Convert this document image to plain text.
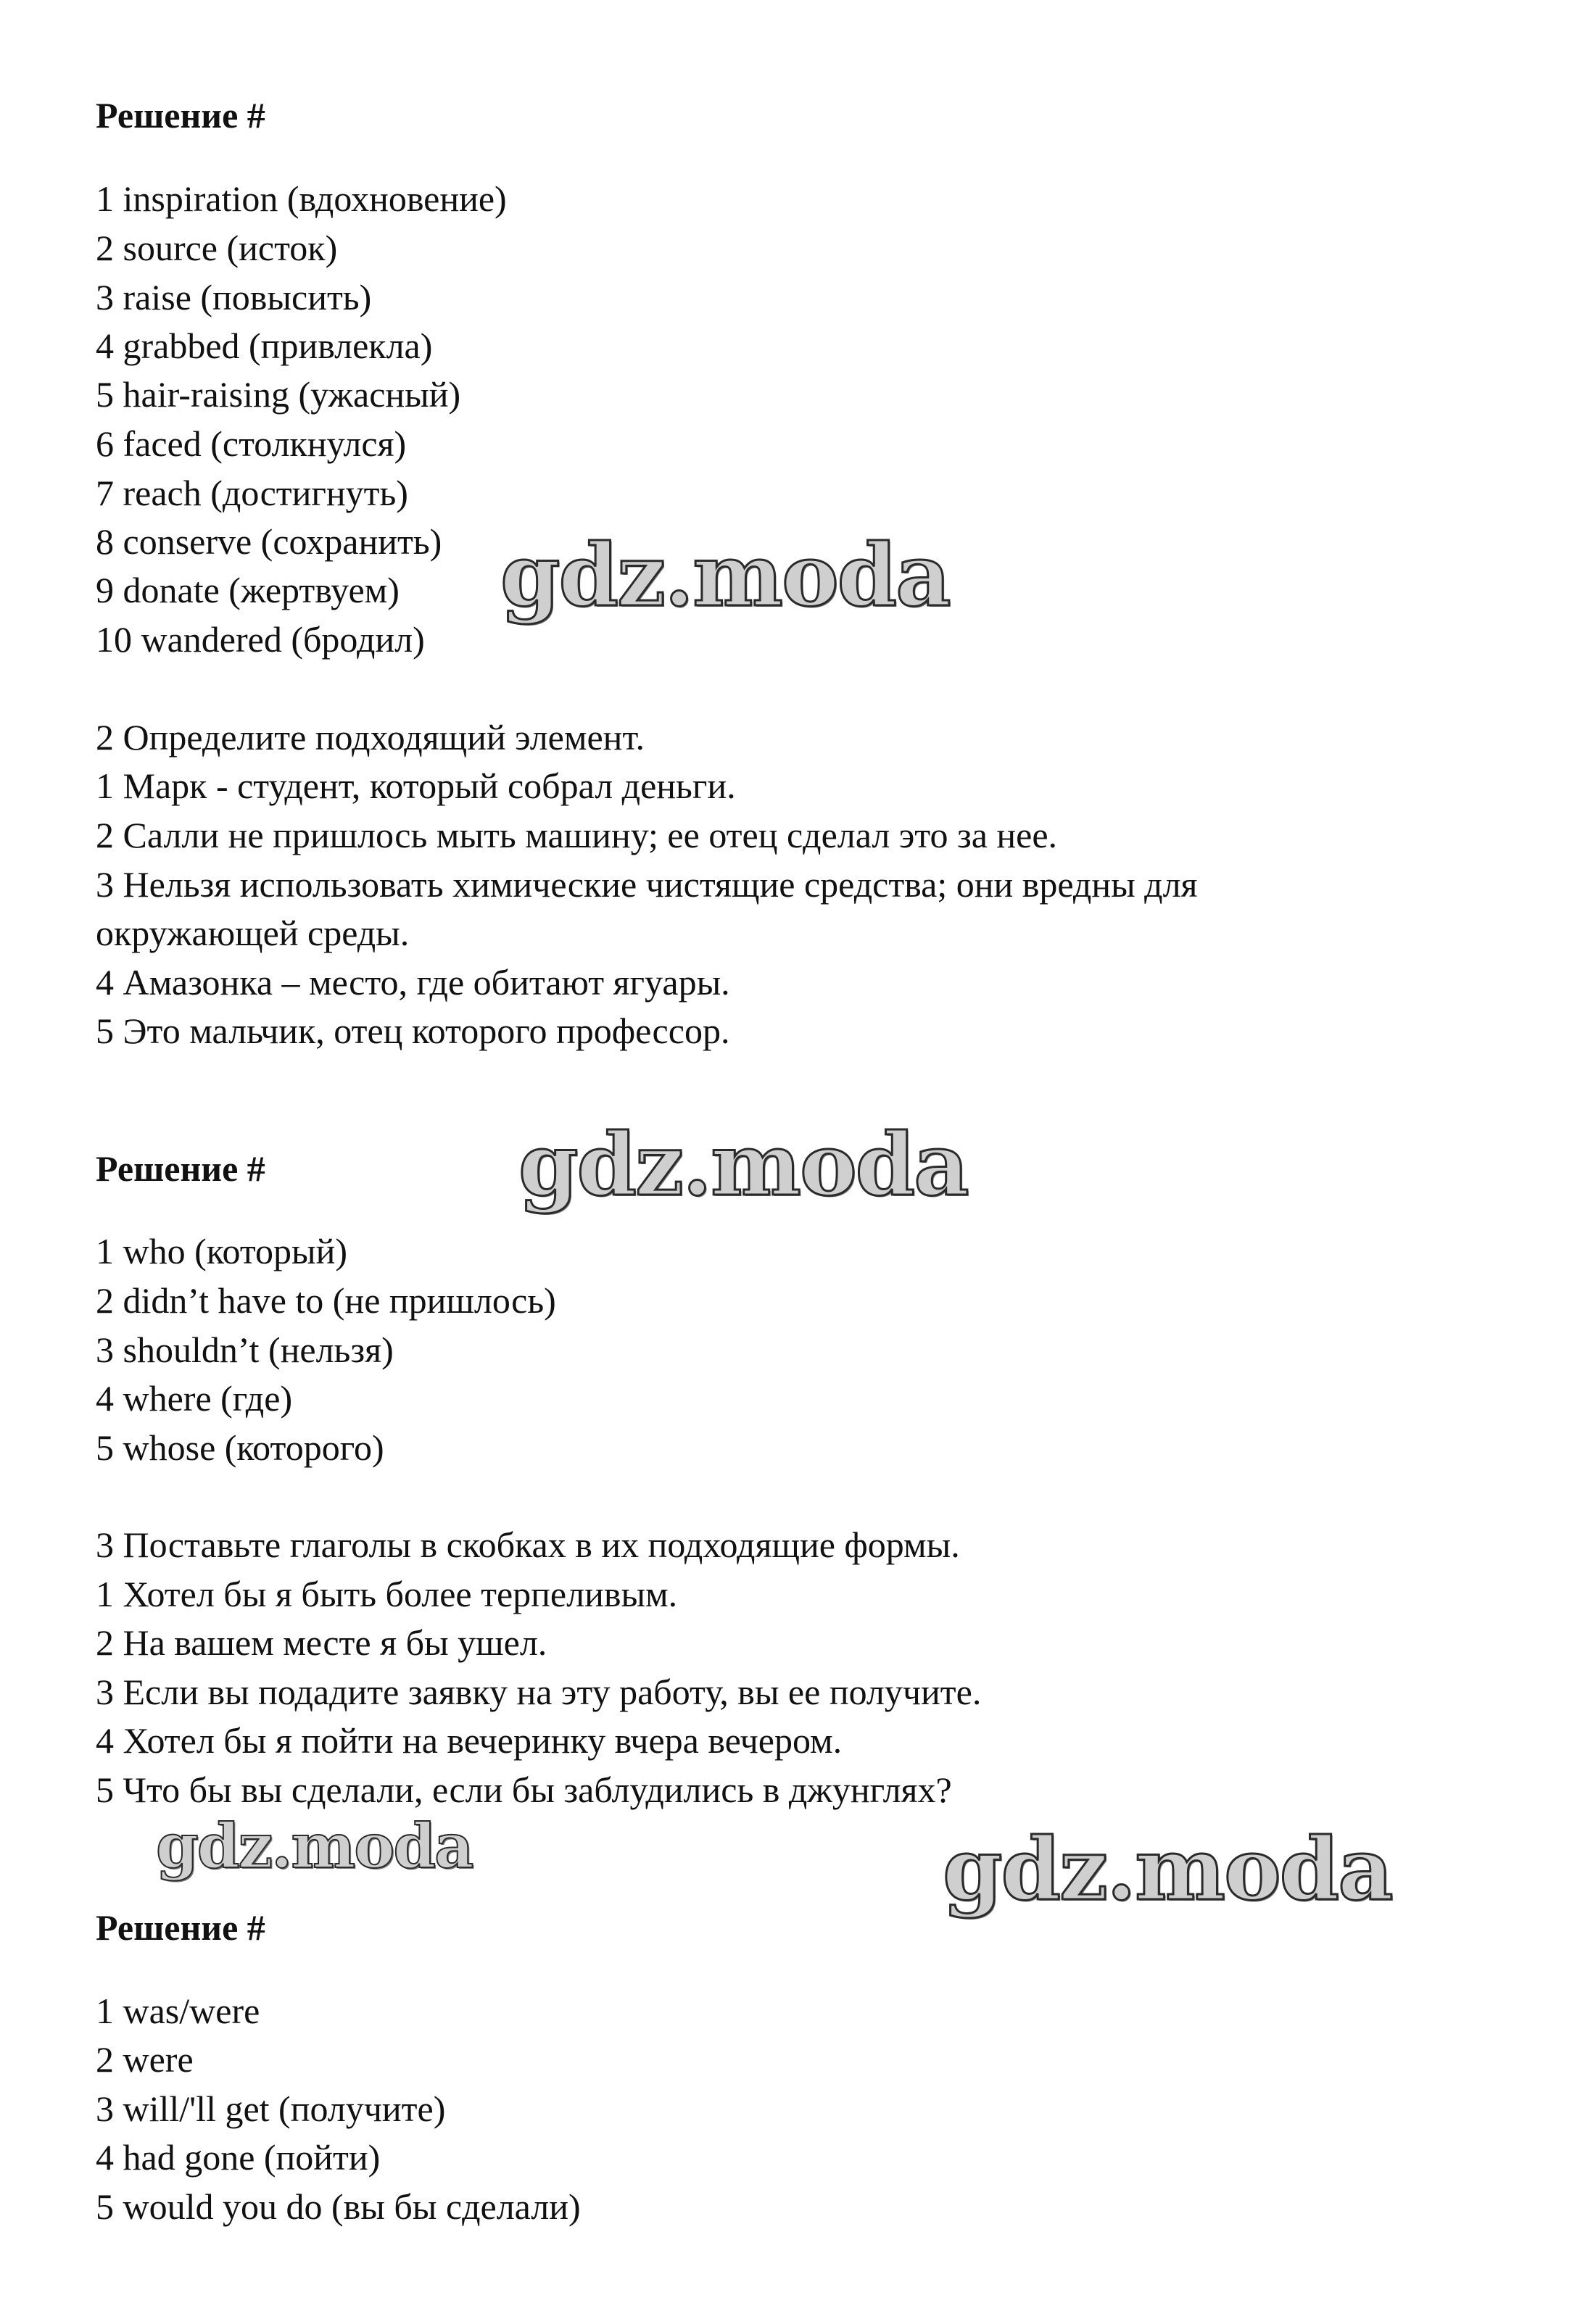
Решение #
1 inspiration (вдохновение)
2 source (исток)
3 raise (повысить)
4 grabbed (привлекла)
5 hair-raising (ужасный)
6 faced (столкнулся)
7 reach (достигнуть)
8 conserve (сохранить)
9 donate (жертвуем)
10 wandered (бродил)
2 Определите подходящий элемент.
1 Марк - студент, который собрал деньги.
2 Салли не пришлось мыть машину; ее отец сделал это за нее.
3 Нельзя использовать химические чистящие средства; они вредны для
окружающей среды.
4 Амазонка – место, где обитают ягуары.
5 Это мальчик, отец которого профессор.
Решение #
1 who (который)
2 didn’t have to (не пришлось)
3 shouldn’t (нельзя)
4 where (где)
5 whose (которого)
3 Поставьте глаголы в скобках в их подходящие формы.
1 Хотел бы я быть более терпеливым.
2 На вашем месте я бы ушел.
3 Если вы подадите заявку на эту работу, вы ее получите.
4 Хотел бы я пойти на вечеринку вчера вечером.
5 Что бы вы сделали, если бы заблудились в джунглях?
Решение #
1 was/were
2 were
3 will/'ll get (получите)
4 had gone (пойти)
5 would you do (вы бы сделали)
gdz.moda
gdz.moda
gdz.moda	gdz.moda
